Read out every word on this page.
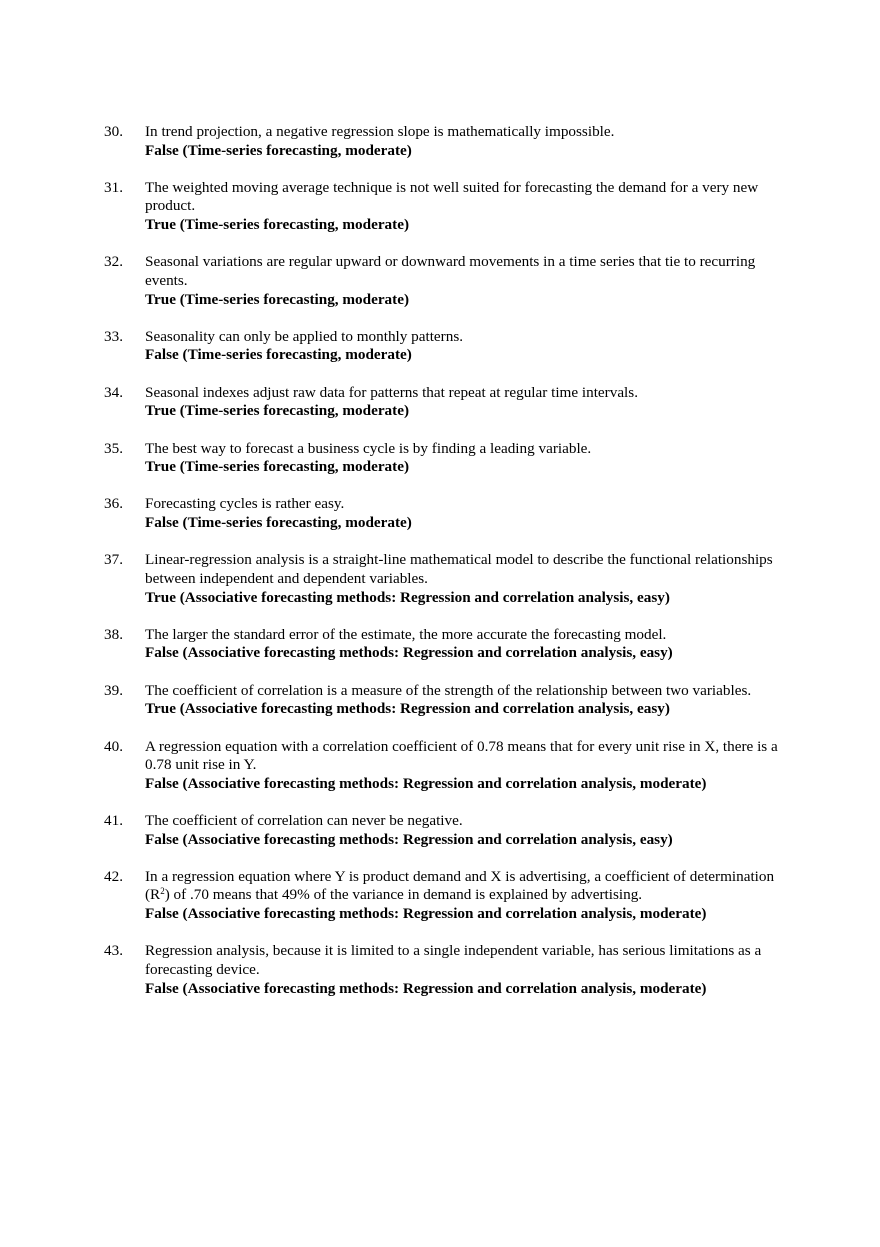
30.	In trend projection, a negative regression slope is mathematically impossible.
False (Time-series forecasting, moderate)
31.	The weighted moving average technique is not well suited for forecasting the demand for a very new product.
True (Time-series forecasting, moderate)
32.	Seasonal variations are regular upward or downward movements in a time series that tie to recurring events.
True (Time-series forecasting, moderate)
33.	Seasonality can only be applied to monthly patterns.
False (Time-series forecasting, moderate)
34.	Seasonal indexes adjust raw data for patterns that repeat at regular time intervals.
True (Time-series forecasting, moderate)
35.	The best way to forecast a business cycle is by finding a leading variable.
True (Time-series forecasting, moderate)
36.	Forecasting cycles is rather easy.
False (Time-series forecasting, moderate)
37.	Linear-regression analysis is a straight-line mathematical model to describe the functional relationships between independent and dependent variables.
True (Associative forecasting methods: Regression and correlation analysis, easy)
38.	The larger the standard error of the estimate, the more accurate the forecasting model.
False (Associative forecasting methods: Regression and correlation analysis, easy)
39.	The coefficient of correlation is a measure of the strength of the relationship between two variables.
True (Associative forecasting methods: Regression and correlation analysis, easy)
40.	A regression equation with a correlation coefficient of 0.78 means that for every unit rise in X, there is a 0.78 unit rise in Y.
False (Associative forecasting methods: Regression and correlation analysis, moderate)
41.	The coefficient of correlation can never be negative.
False (Associative forecasting methods: Regression and correlation analysis, easy)
42.	In a regression equation where Y is product demand and X is advertising, a coefficient of determination $(R^2)$ of .70 means that 49% of the variance in demand is explained by advertising.
False (Associative forecasting methods: Regression and correlation analysis, moderate)
43.	Regression analysis, because it is limited to a single independent variable, has serious limitations as a forecasting device.
False (Associative forecasting methods: Regression and correlation analysis, moderate)
